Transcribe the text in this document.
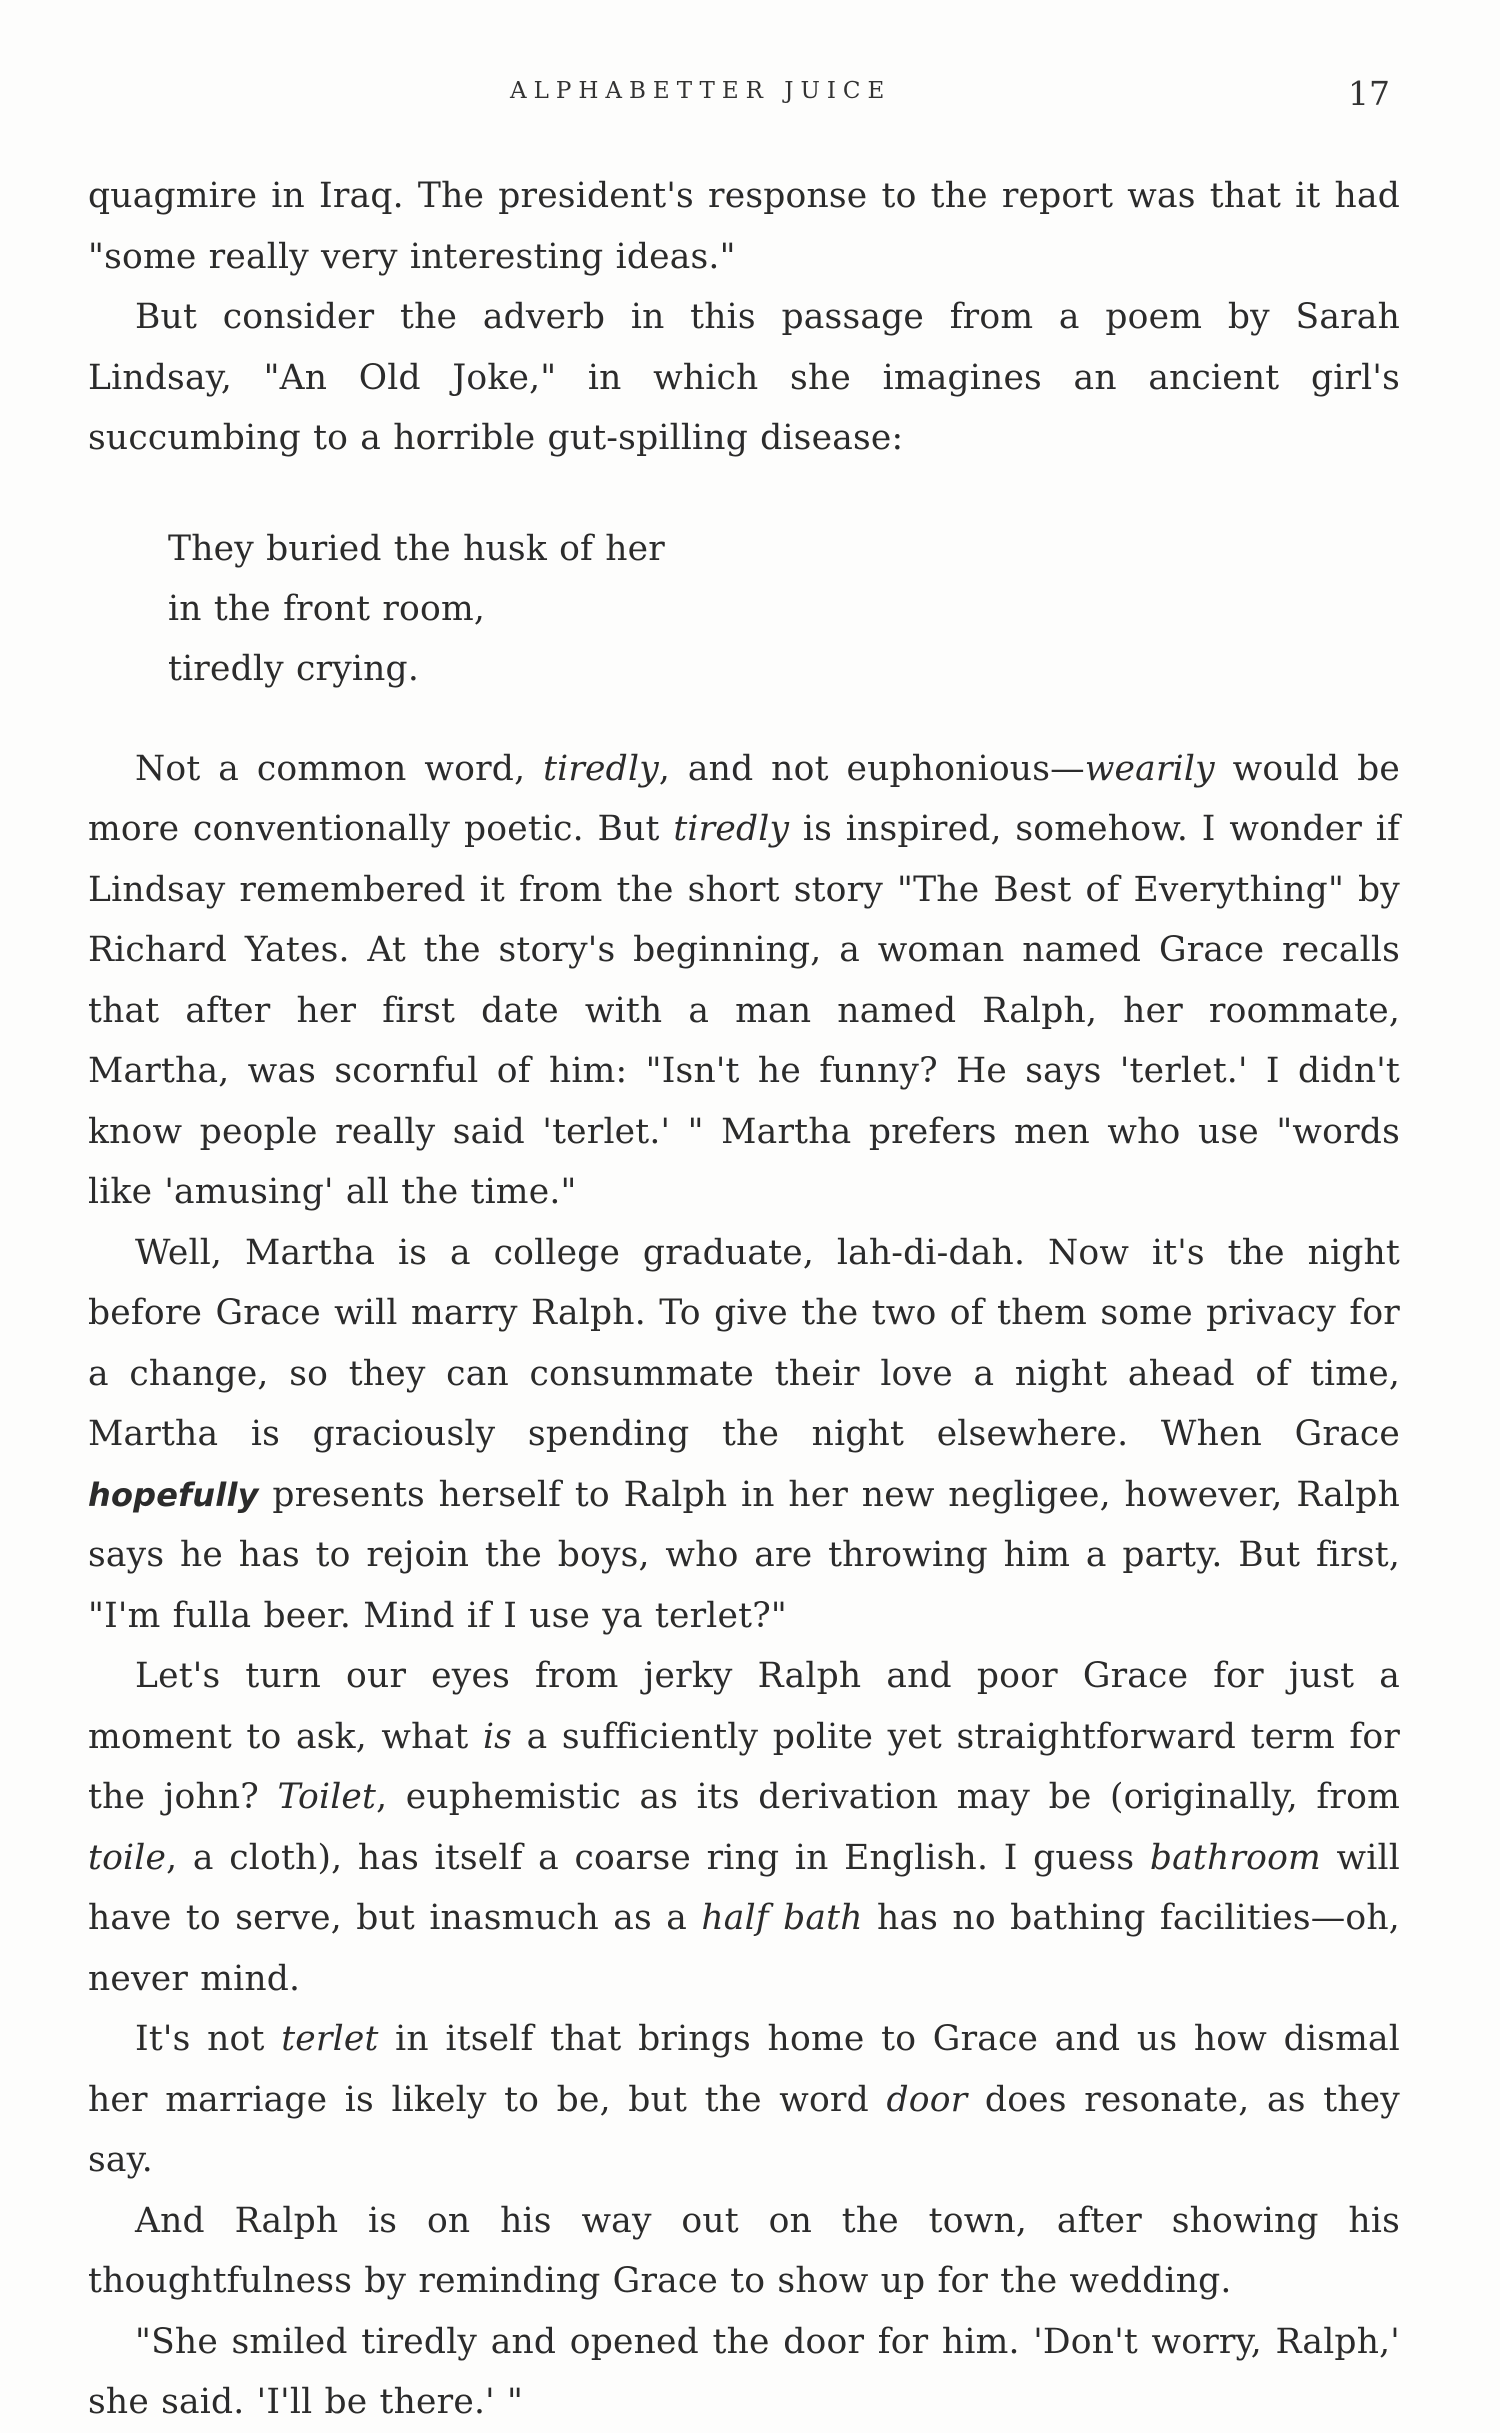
ALPHABETTER JUICE	17

quagmire in Iraq. The president's response to the report was that it had "some really very interesting ideas."

But consider the adverb in this passage from a poem by Sarah Lindsay, "An Old Joke," in which she imagines an ancient girl's succumbing to a horrible gut-spilling disease:

They buried the husk of her
in the front room,
tiredly crying.

Not a common word, tiredly, and not euphonious—wearily would be more conventionally poetic. But tiredly is inspired, somehow. I wonder if Lindsay remembered it from the short story "The Best of Everything" by Richard Yates. At the story's beginning, a woman named Grace recalls that after her first date with a man named Ralph, her roommate, Martha, was scornful of him: "Isn't he funny? He says 'terlet.' I didn't know people really said 'terlet.' " Martha prefers men who use "words like 'amusing' all the time."

Well, Martha is a college graduate, lah-di-dah. Now it's the night before Grace will marry Ralph. To give the two of them some privacy for a change, so they can consummate their love a night ahead of time, Martha is graciously spending the night elsewhere. When Grace hopefully presents herself to Ralph in her new negligee, however, Ralph says he has to rejoin the boys, who are throwing him a party. But first, "I'm fulla beer. Mind if I use ya terlet?"

Let's turn our eyes from jerky Ralph and poor Grace for just a moment to ask, what is a sufficiently polite yet straightforward term for the john? Toilet, euphemistic as its derivation may be (originally, from toile, a cloth), has itself a coarse ring in English. I guess bathroom will have to serve, but inasmuch as a half bath has no bathing facilities—oh, never mind.

It's not terlet in itself that brings home to Grace and us how dismal her marriage is likely to be, but the word door does resonate, as they say.

And Ralph is on his way out on the town, after showing his thoughtfulness by reminding Grace to show up for the wedding.

"She smiled tiredly and opened the door for him. 'Don't worry, Ralph,' she said. 'I'll be there.' "
